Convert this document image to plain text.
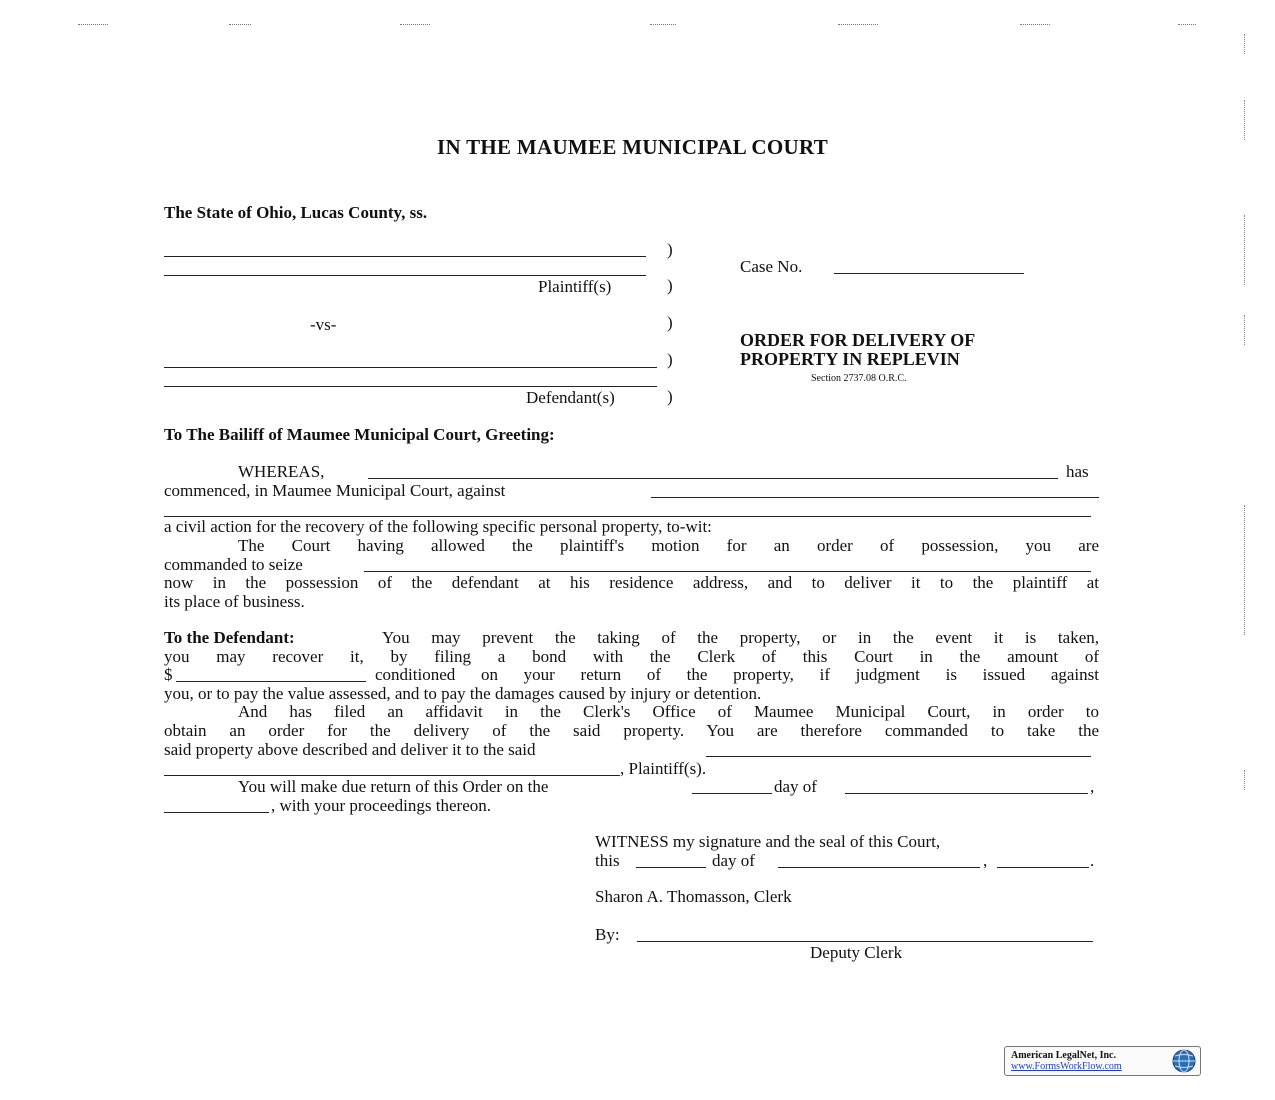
IN THE MAUMEE MUNICIPAL COURT
The State of Ohio, Lucas County, ss.
)
)
Plaintiff(s)
-vs-	)
)
)
Defendant(s)
Case No.
ORDER FOR DELIVERY OF
PROPERTY IN REPLEVIN
Section 2737.08 O.R.C.
To The Bailiff of Maumee Municipal Court, Greeting:
WHEREAS,	has
commenced, in Maumee Municipal Court, against
a civil action for the recovery of the following specific personal property, to-wit:
The Court having allowed the plaintiff's motion for an order of possession, you are
commanded to seize
now in the possession of the defendant at his residence address, and to deliver it to the plaintiff at
its place of business.
To the Defendant:	You may prevent the taking of the property, or in the event it is taken,
you may recover it, by filing a bond with the Clerk of this Court in the amount of
$	conditioned on your return of the property, if judgment is issued against
you, or to pay the value assessed, and to pay the damages caused by injury or detention.
And has filed an affidavit in the Clerk's Office of Maumee Municipal Court, in order to
obtain an order for the delivery of the said property. You are therefore commanded to take the
said property above described and deliver it to the said
, Plaintiff(s).
You will make due return of this Order on the	day of	,
, with your proceedings thereon.
WITNESS my signature and the seal of this Court,
this	day of	,	.
Sharon A. Thomasson, Clerk
By:
Deputy Clerk
American LegalNet, Inc.
www.FormsWorkFlow.com
